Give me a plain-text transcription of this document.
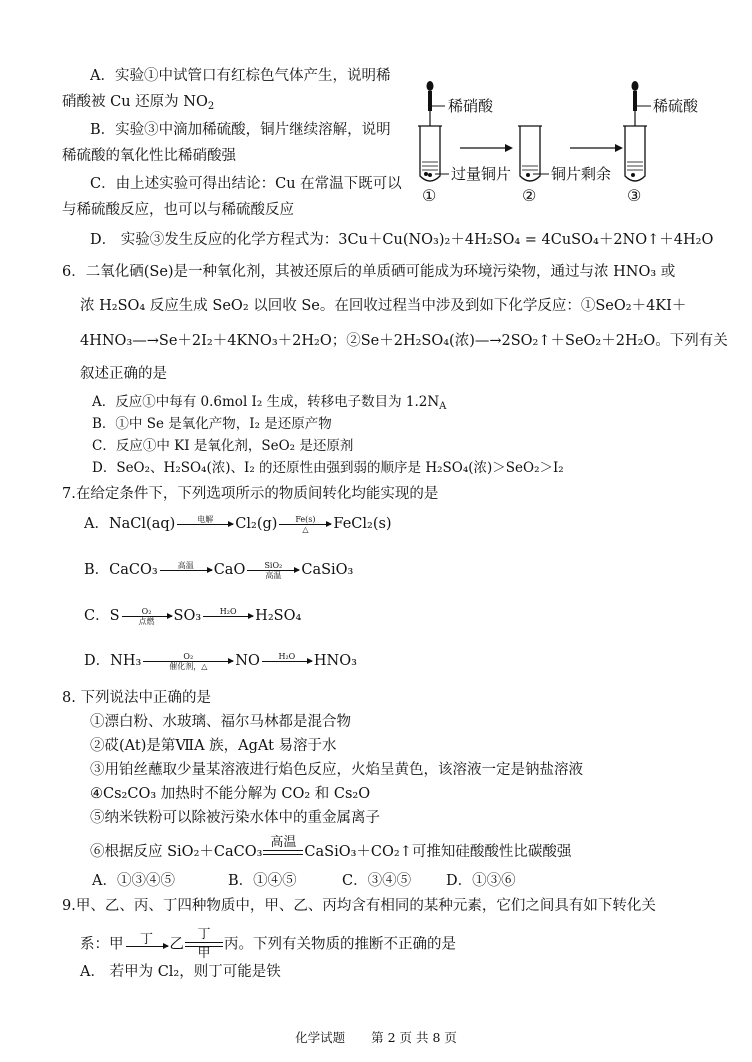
A．实验①中试管口有红棕色气体产生，说明稀
硝酸被 Cu 还原为 $NO_2$
B．实验③中滴加稀硫酸，铜片继续溶解，说明
稀硫酸的氧化性比稀硝酸强
C．由上述实验可得出结论：Cu 在常温下既可以
与稀硫酸反应，也可以与稀硫酸反应
D． 实验③发生反应的化学方程式为：3Cu＋Cu(NO₃)₂＋4H₂SO₄ = 4CuSO₄＋2NO↑＋4H₂O
稀硝酸	稀硫酸
过量铜片	铜片剩余
①	②	③
6．二氧化硒(Se)是一种氧化剂，其被还原后的单质硒可能成为环境污染物，通过与浓 HNO₃ 或
浓 H₂SO₄ 反应生成 SeO₂ 以回收 Se。在回收过程当中涉及到如下化学反应：①SeO₂＋4KI＋
4HNO₃—→Se＋2I₂＋4KNO₃＋2H₂O；②Se＋2H₂SO₄(浓)—→2SO₂↑＋SeO₂＋2H₂O。下列有关
叙述正确的是
A．反应①中每有 0.6mol I₂ 生成，转移电子数目为 $1.2N_A$
B．①中 Se 是氧化产物，I₂ 是还原产物
C．反应①中 KI 是氧化剂，SeO₂ 是还原剂
D．SeO₂、H₂SO₄(浓)、I₂ 的还原性由强到弱的顺序是 H₂SO₄(浓)＞SeO₂＞I₂
7.在给定条件下，下列选项所示的物质间转化均能实现的是
A．NaCl(aq)	电解	Cl₂(g)	Fe(s)
△	FeCl₂(s)
B．CaCO₃	高温	CaO	SiO₂
高温	CaSiO₃
C．S	O₂
点燃	SO₃	H₂O	H₂SO₄
D．NH₃	O₂
催化剂，△	NO	H₂O	HNO₃
8. 下列说法中正确的是
①漂白粉、水玻璃、福尔马林都是混合物
②砹(At)是第ⅦA 族，AgAt 易溶于水
③用铂丝蘸取少量某溶液进行焰色反应，火焰呈黄色，该溶液一定是钠盐溶液
④Cs₂CO₃ 加热时不能分解为 CO₂ 和 Cs₂O
⑤纳米铁粉可以除被污染水体中的重金属离子
⑥根据反应 SiO₂＋CaCO₃
高温
CaSiO₃＋CO₂↑可推知硅酸酸性比碳酸强
A．①③④⑤	B．①④⑤	C．③④⑤ D．①③⑥
9.甲、乙、丙、丁四种物质中，甲、乙、丙均含有相同的某种元素，它们之间具有如下转化关
系：甲	丁	乙
丁
甲
丙。下列有关物质的推断不正确的是
A． 若甲为 Cl₂，则丁可能是铁
化学试题 第 2 页 共 8 页
